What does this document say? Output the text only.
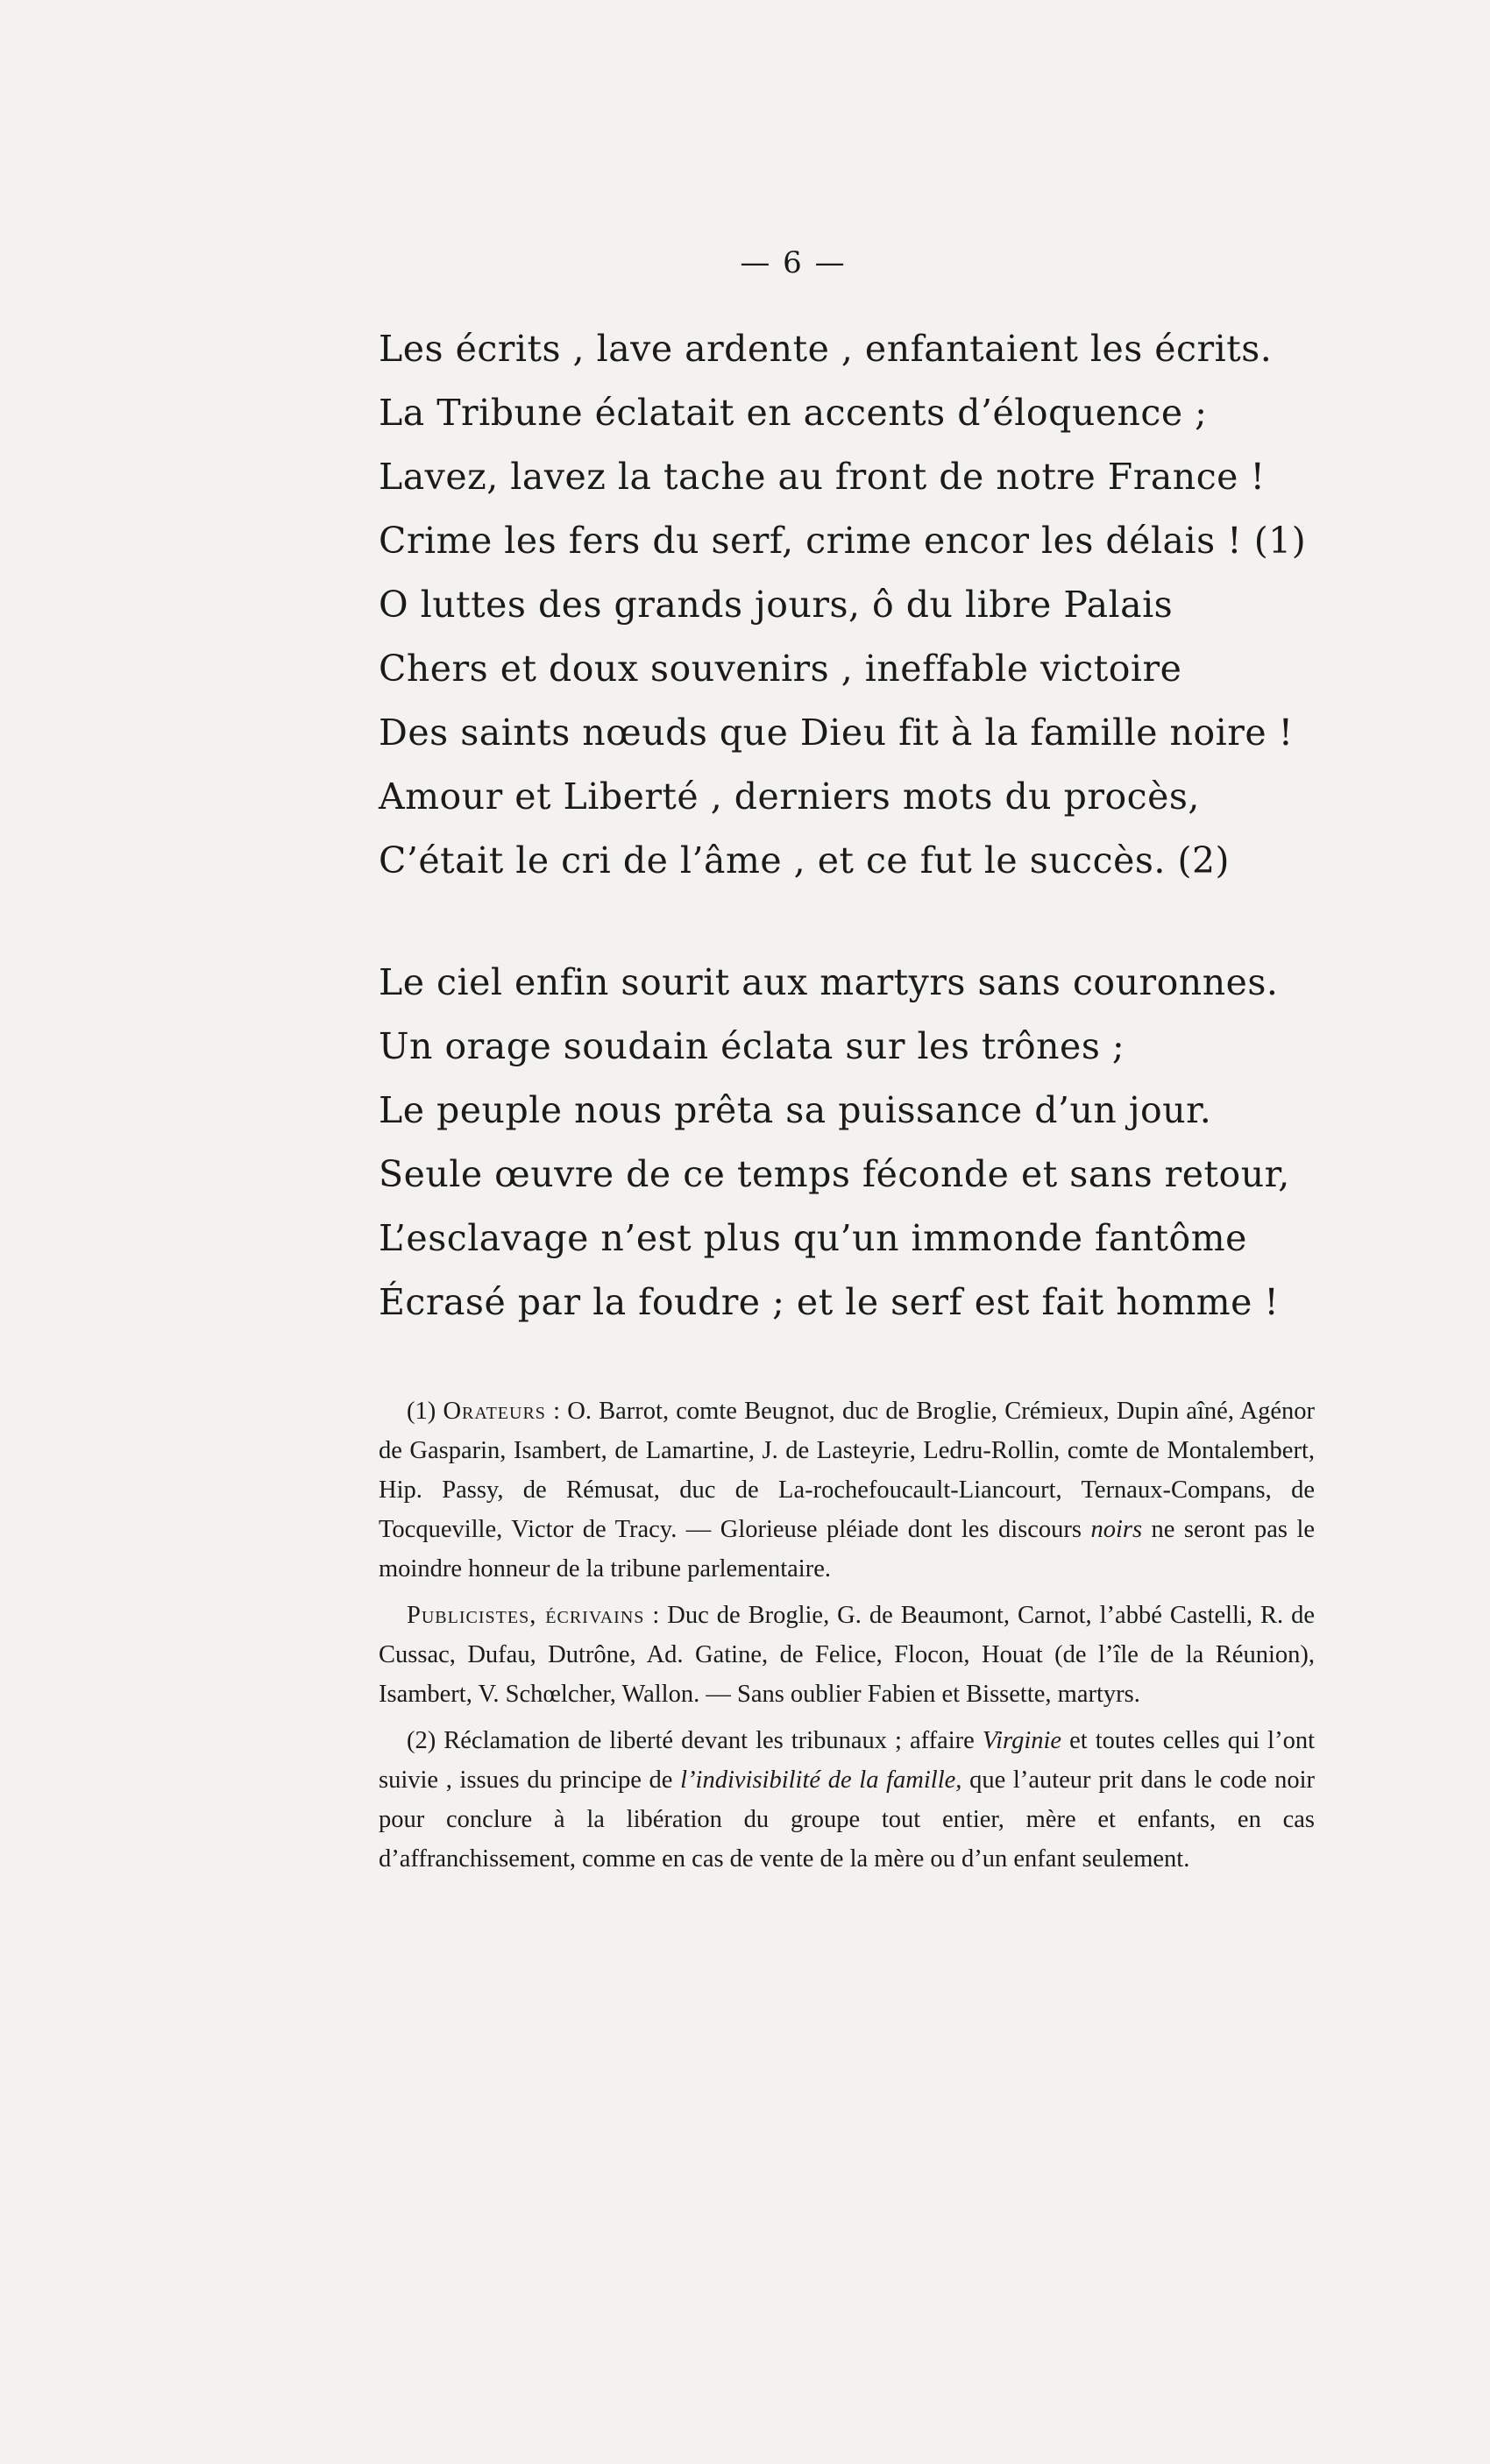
— 6 —
Les écrits , lave ardente , enfantaient les écrits.
La Tribune éclatait en accents d’éloquence ;
Lavez, lavez la tache au front de notre France !
Crime les fers du serf, crime encor les délais ! (1)
O luttes des grands jours, ô du libre Palais
Chers et doux souvenirs , ineffable victoire
Des saints nœuds que Dieu fit à la famille noire !
Amour et Liberté , derniers mots du procès,
C’était le cri de l’âme , et ce fut le succès. (2)
Le ciel enfin sourit aux martyrs sans couronnes.
Un orage soudain éclata sur les trônes ;
Le peuple nous prêta sa puissance d’un jour.
Seule œuvre de ce temps féconde et sans retour,
L’esclavage n’est plus qu’un immonde fantôme
Écrasé par la foudre ; et le serf est fait homme !

(1) Orateurs : O. Barrot, comte Beugnot, duc de Broglie, Crémieux, Dupin aîné, Agénor de Gasparin, Isambert, de Lamartine, J. de Lasteyrie, Ledru-Rollin, comte de Montalembert, Hip. Passy, de Rémusat, duc de La-rochefoucault-Liancourt, Ternaux-Compans, de Tocqueville, Victor de Tracy. — Glorieuse pléiade dont les discours noirs ne seront pas le moindre honneur de la tribune parlementaire.

Publicistes, écrivains : Duc de Broglie, G. de Beaumont, Carnot, l’abbé Castelli, R. de Cussac, Dufau, Dutrône, Ad. Gatine, de Felice, Flocon, Houat (de l’île de la Réunion), Isambert, V. Schœlcher, Wallon. — Sans oublier Fabien et Bissette, martyrs.

(2) Réclamation de liberté devant les tribunaux ; affaire Virginie et toutes celles qui l’ont suivie , issues du principe de l’indivisibilité de la famille, que l’auteur prit dans le code noir pour conclure à la libération du groupe tout entier, mère et enfants, en cas d’affranchissement, comme en cas de vente de la mère ou d’un enfant seulement.
